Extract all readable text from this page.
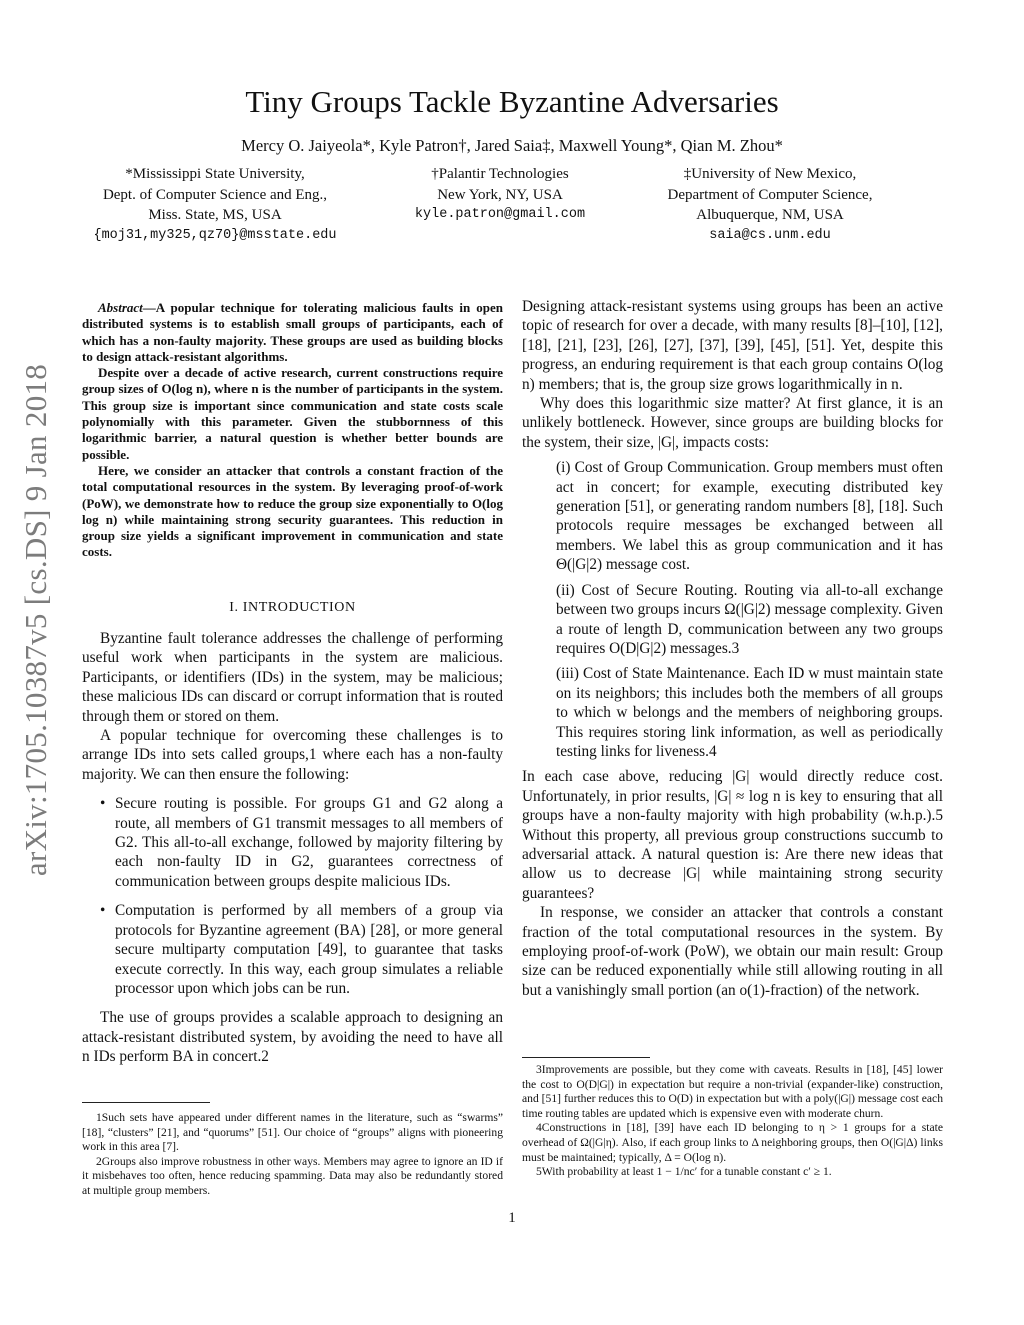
arXiv:1705.10387v5 [cs.DS] 9 Jan 2018
Tiny Groups Tackle Byzantine Adversaries
Mercy O. Jaiyeola*, Kyle Patron†, Jared Saia‡, Maxwell Young*, Qian M. Zhou*
*Mississippi State University,
Dept. of Computer Science and Eng.,
Miss. State, MS, USA
{moj31,my325,qz70}@msstate.edu
†Palantir Technologies
New York, NY, USA
kyle.patron@gmail.com
‡University of New Mexico,
Department of Computer Science,
Albuquerque, NM, USA
saia@cs.unm.edu

Abstract—A popular technique for tolerating malicious faults in open distributed systems is to establish small groups of participants, each of which has a non-faulty majority. These groups are used as building blocks to design attack-resistant algorithms.

Despite over a decade of active research, current constructions require group sizes of O(log n), where n is the number of participants in the system. This group size is important since communication and state costs scale polynomially with this parameter. Given the stubbornness of this logarithmic barrier, a natural question is whether better bounds are possible.

Here, we consider an attacker that controls a constant fraction of the total computational resources in the system. By leveraging proof-of-work (PoW), we demonstrate how to reduce the group size exponentially to O(log log n) while maintaining strong security guarantees. This reduction in group size yields a significant improvement in communication and state costs.

I. INTRODUCTION

Byzantine fault tolerance addresses the challenge of performing useful work when participants in the system are malicious. Participants, or identifiers (IDs) in the system, may be malicious; these malicious IDs can discard or corrupt information that is routed through them or stored on them.

A popular technique for overcoming these challenges is to arrange IDs into sets called groups,1 where each has a non-faulty majority. We can then ensure the following:

• Secure routing is possible. For groups G1 and G2 along a route, all members of G1 transmit messages to all members of G2. This all-to-all exchange, followed by majority filtering by each non-faulty ID in G2, guarantees correctness of communication between groups despite malicious IDs.
• Computation is performed by all members of a group via protocols for Byzantine agreement (BA) [28], or more general secure multiparty computation [49], to guarantee that tasks execute correctly. In this way, each group simulates a reliable processor upon which jobs can be run.

The use of groups provides a scalable approach to designing an attack-resistant distributed system, by avoiding the need to have all n IDs perform BA in concert.2

1Such sets have appeared under different names in the literature, such as “swarms” [18], “clusters” [21], and “quorums” [51]. Our choice of “groups” aligns with pioneering work in this area [7].

2Groups also improve robustness in other ways. Members may agree to ignore an ID if it misbehaves too often, hence reducing spamming. Data may also be redundantly stored at multiple group members.

Designing attack-resistant systems using groups has been an active topic of research for over a decade, with many results [8]–[10], [12], [18], [21], [23], [26], [27], [37], [39], [45], [51]. Yet, despite this progress, an enduring requirement is that each group contains O(log n) members; that is, the group size grows logarithmically in n.

Why does this logarithmic size matter? At first glance, it is an unlikely bottleneck. However, since groups are building blocks for the system, their size, |G|, impacts costs:

(i) Cost of Group Communication. Group members must often act in concert; for example, executing distributed key generation [51], or generating random numbers [8], [18]. Such protocols require messages be exchanged between all members. We label this as group communication and it has Θ(|G|2) message cost.
(ii) Cost of Secure Routing. Routing via all-to-all exchange between two groups incurs Ω(|G|2) message complexity. Given a route of length D, communication between any two groups requires O(D|G|2) messages.3
(iii) Cost of State Maintenance. Each ID w must maintain state on its neighbors; this includes both the members of all groups to which w belongs and the members of neighboring groups. This requires storing link information, as well as periodically testing links for liveness.4

In each case above, reducing |G| would directly reduce cost. Unfortunately, in prior results, |G| ≈ log n is key to ensuring that all groups have a non-faulty majority with high probability (w.h.p.).5 Without this property, all previous group constructions succumb to adversarial attack. A natural question is: Are there new ideas that allow us to decrease |G| while maintaining strong security guarantees?

In response, we consider an attacker that controls a constant fraction of the total computational resources in the system. By employing proof-of-work (PoW), we obtain our main result: Group size can be reduced exponentially while still allowing routing in all but a vanishingly small portion (an o(1)-fraction) of the network.

3Improvements are possible, but they come with caveats. Results in [18], [45] lower the cost to O(D|G|) in expectation but require a non-trivial (expander-like) construction, and [51] further reduces this to O(D) in expectation but with a poly(|G|) message cost each time routing tables are updated which is expensive even with moderate churn.

4Constructions in [18], [39] have each ID belonging to η > 1 groups for a state overhead of Ω(|G|η). Also, if each group links to Δ neighboring groups, then O(|G|Δ) links must be maintained; typically, Δ = O(log n).

5With probability at least 1 − 1/nc′ for a tunable constant c′ ≥ 1.

1
